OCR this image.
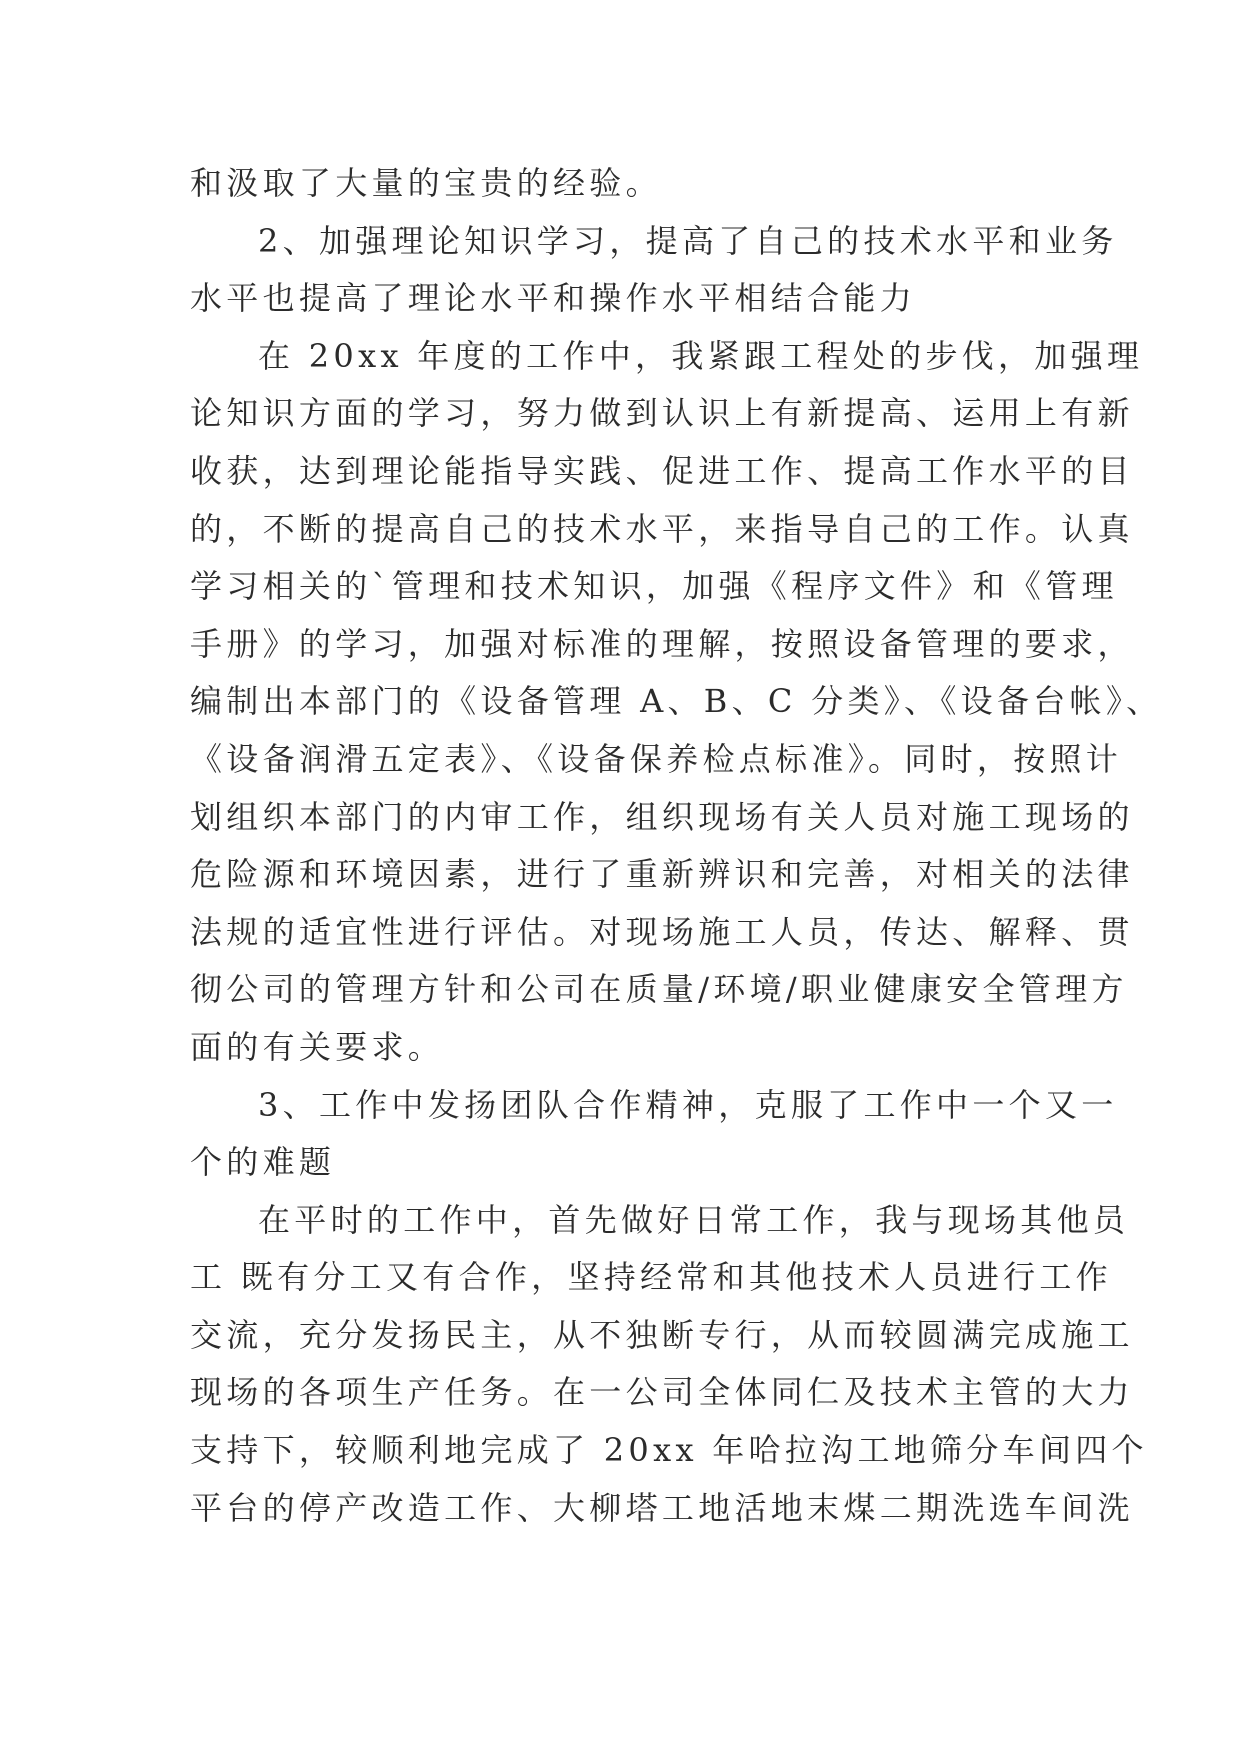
和汲取了大量的宝贵的经验。
2、加强理论知识学习，提高了自己的技术水平和业务
水平也提高了理论水平和操作水平相结合能力
在 20xx 年度的工作中，我紧跟工程处的步伐，加强理
论知识方面的学习，努力做到认识上有新提高、运用上有新
收获，达到理论能指导实践、促进工作、提高工作水平的目
的，不断的提高自己的技术水平，来指导自己的工作。认真
学习相关的`管理和技术知识，加强《程序文件》和《管理
手册》的学习，加强对标准的理解，按照设备管理的要求，
编制出本部门的《设备管理 A、B、C 分类》、《设备台帐》、
《设备润滑五定表》、《设备保养检点标准》。同时，按照计
划组织本部门的内审工作，组织现场有关人员对施工现场的
危险源和环境因素，进行了重新辨识和完善，对相关的法律
法规的适宜性进行评估。对现场施工人员，传达、解释、贯
彻公司的管理方针和公司在质量/环境/职业健康安全管理方
面的有关要求。
3、工作中发扬团队合作精神，克服了工作中一个又一
个的难题
在平时的工作中，首先做好日常工作，我与现场其他员
工 既有分工又有合作，坚持经常和其他技术人员进行工作
交流，充分发扬民主，从不独断专行，从而较圆满完成施工
现场的各项生产任务。在一公司全体同仁及技术主管的大力
支持下，较顺利地完成了 20xx 年哈拉沟工地筛分车间四个
平台的停产改造工作、大柳塔工地活地末煤二期洗选车间洗
